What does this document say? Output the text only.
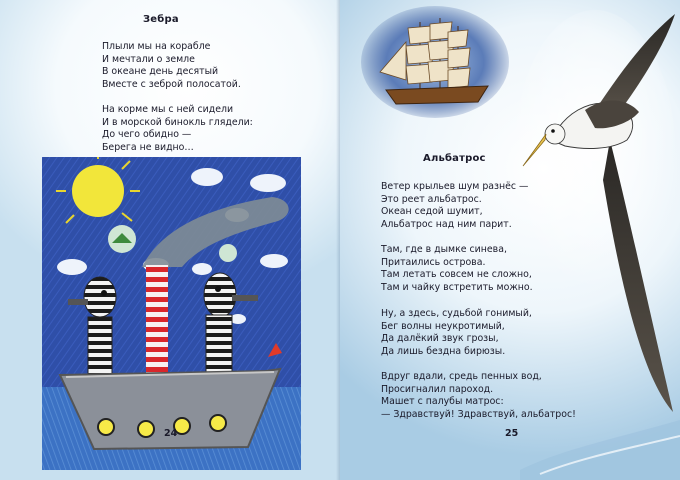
Зебра
Плыли мы на корабле
И мечтали о земле
В океане день десятый
Вместе с зеброй полосатой.
На корме мы с ней сидели
И в морской бинокль глядели:
До чего обидно —
Берега не видно…
24
Альбатрос
Ветер крыльев шум разнёс —
Это реет альбатрос.
Океан седой шумит,
Альбатрос над ним парит.
Там, где в дымке синева,
Притаились острова.
Там летать совсем не сложно,
Там и чайку встретить можно.
Ну, а здесь, судьбой гонимый,
Бег волны неукротимый,
Да далёкий звук грозы,
Да лишь бездна бирюзы.
Вдруг вдали, средь пенных вод,
Просигналил пароход.
Машет с палубы матрос:
— Здравствуй! Здравствуй, альбатрос!
25
